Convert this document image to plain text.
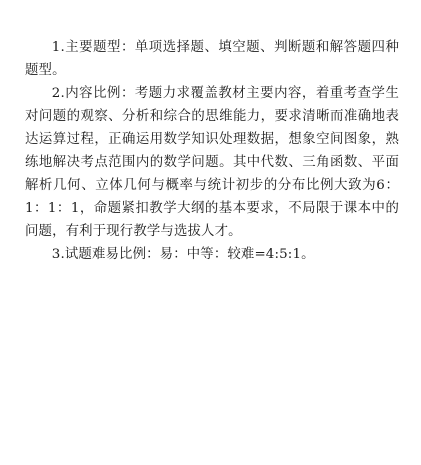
1.主要题型：单项选择题、填空题、判断题和解答题四种题型。

2.内容比例：考题力求覆盖教材主要内容，着重考查学生对问题的观察、分析和综合的思维能力，要求清晰而准确地表达运算过程，正确运用数学知识处理数据，想象空间图象，熟练地解决考点范围内的数学问题。其中代数、三角函数、平面解析几何、立体几何与概率与统计初步的分布比例大致为6：1：1：1，命题紧扣教学大纲的基本要求，不局限于课本中的问题，有利于现行教学与选拔人才。

3.试题难易比例：易：中等：较难=4:5:1。
